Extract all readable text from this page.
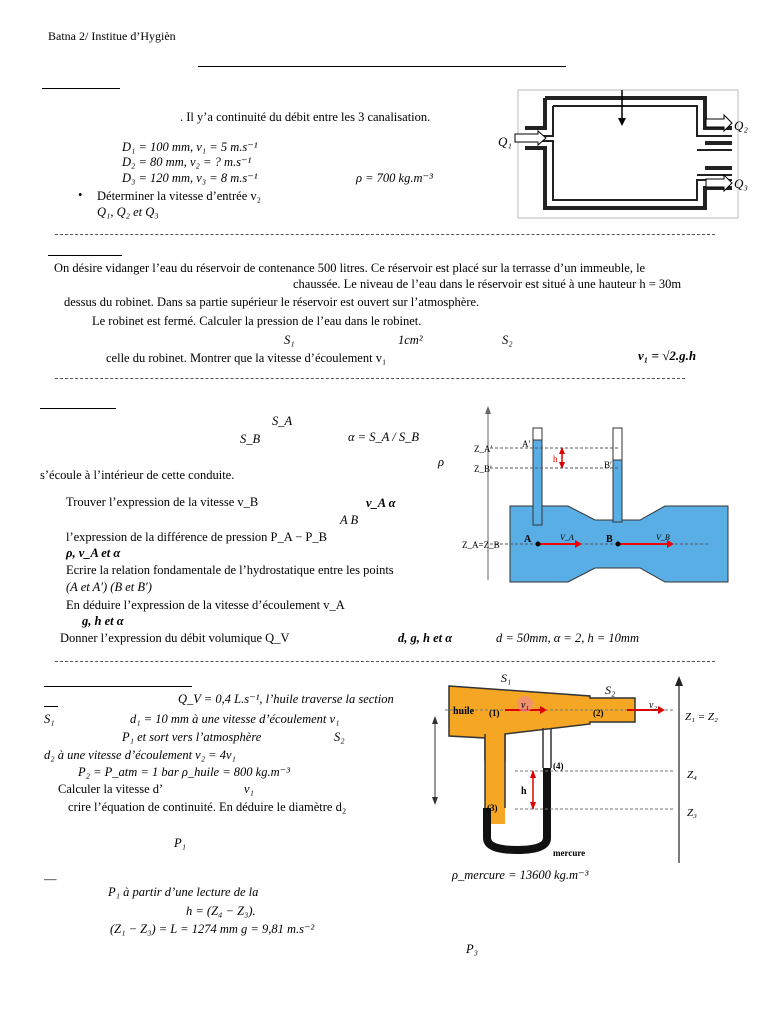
Batna 2/ Institue d’Hygièn
. Il y’a continuité du débit entre les 3 canalisation.
D₁ = 100 mm, v₁ = 5 m.s⁻¹
D₂ = 80 mm, v₂ = ? m.s⁻¹
D₃ = 120 mm, v₃ = 8 m.s⁻¹	ρ = 700 kg.m⁻³
• Déterminer la vitesse d’entrée v₂
Q₁, Q₂ et Q₃
Q₁
Q₂
Q₃
On désire vidanger l’eau du réservoir de contenance 500 litres. Ce réservoir est placé sur la terrasse d’un immeuble, le
chaussée. Le niveau de l’eau dans le réservoir est situé à une hauteur h = 30m
dessus du robinet. Dans sa partie supérieur le réservoir est ouvert sur l’atmosphère.
Le robinet est fermé. Calculer la pression de l’eau dans le robinet.
S₁	1cm²	S₂
celle du robinet. Montrer que la vitesse d’écoulement v₁	v₁ = √2.g.h
S_A
S_B	α = S_A / S_B
ρ
s’écoule à l’intérieur de cette conduite.
Trouver l’expression de la vitesse v_B	v_A α
A B
l’expression de la différence de pression P_A − P_B
ρ, v_A et α
Ecrire la relation fondamentale de l’hydrostatique entre les points
(A et A′) (B et B′)
En déduire l’expression de la vitesse d’écoulement v_A
g, h et α
Donner l’expression du débit volumique Q_V	d, g, h et α	d = 50mm, α = 2, h = 10mm
Z_A′
Z_B′
Z_A=Z_B
h
A′
B′
A	B
V_A	V_B
Q_V = 0,4 L.s⁻¹, l’huile traverse la section
S₁	d₁ = 10 mm à une vitesse d’écoulement v₁
P₁ et sort vers l’atmosphère	S₂
d₂ à une vitesse d’écoulement v₂ = 4v₁
P₂ = P_atm = 1 bar ρ_huile = 800 kg.m⁻³
Calculer la vitesse d’	v₁
crire l’équation de continuité. En déduire le diamètre d₂
P₁
—
P₁ à partir d’une lecture de la
h = (Z₄ − Z₃).
(Z₁ − Z₃) = L = 1274 mm g = 9,81 m.s⁻²
P₃
ρ_mercure = 13600 kg.m⁻³
S₁
S₂
huile (1)	(2)
(3)
(4)
v₁	v₂
h
mercure
Z₁ = Z₂
Z₄
Z₃
